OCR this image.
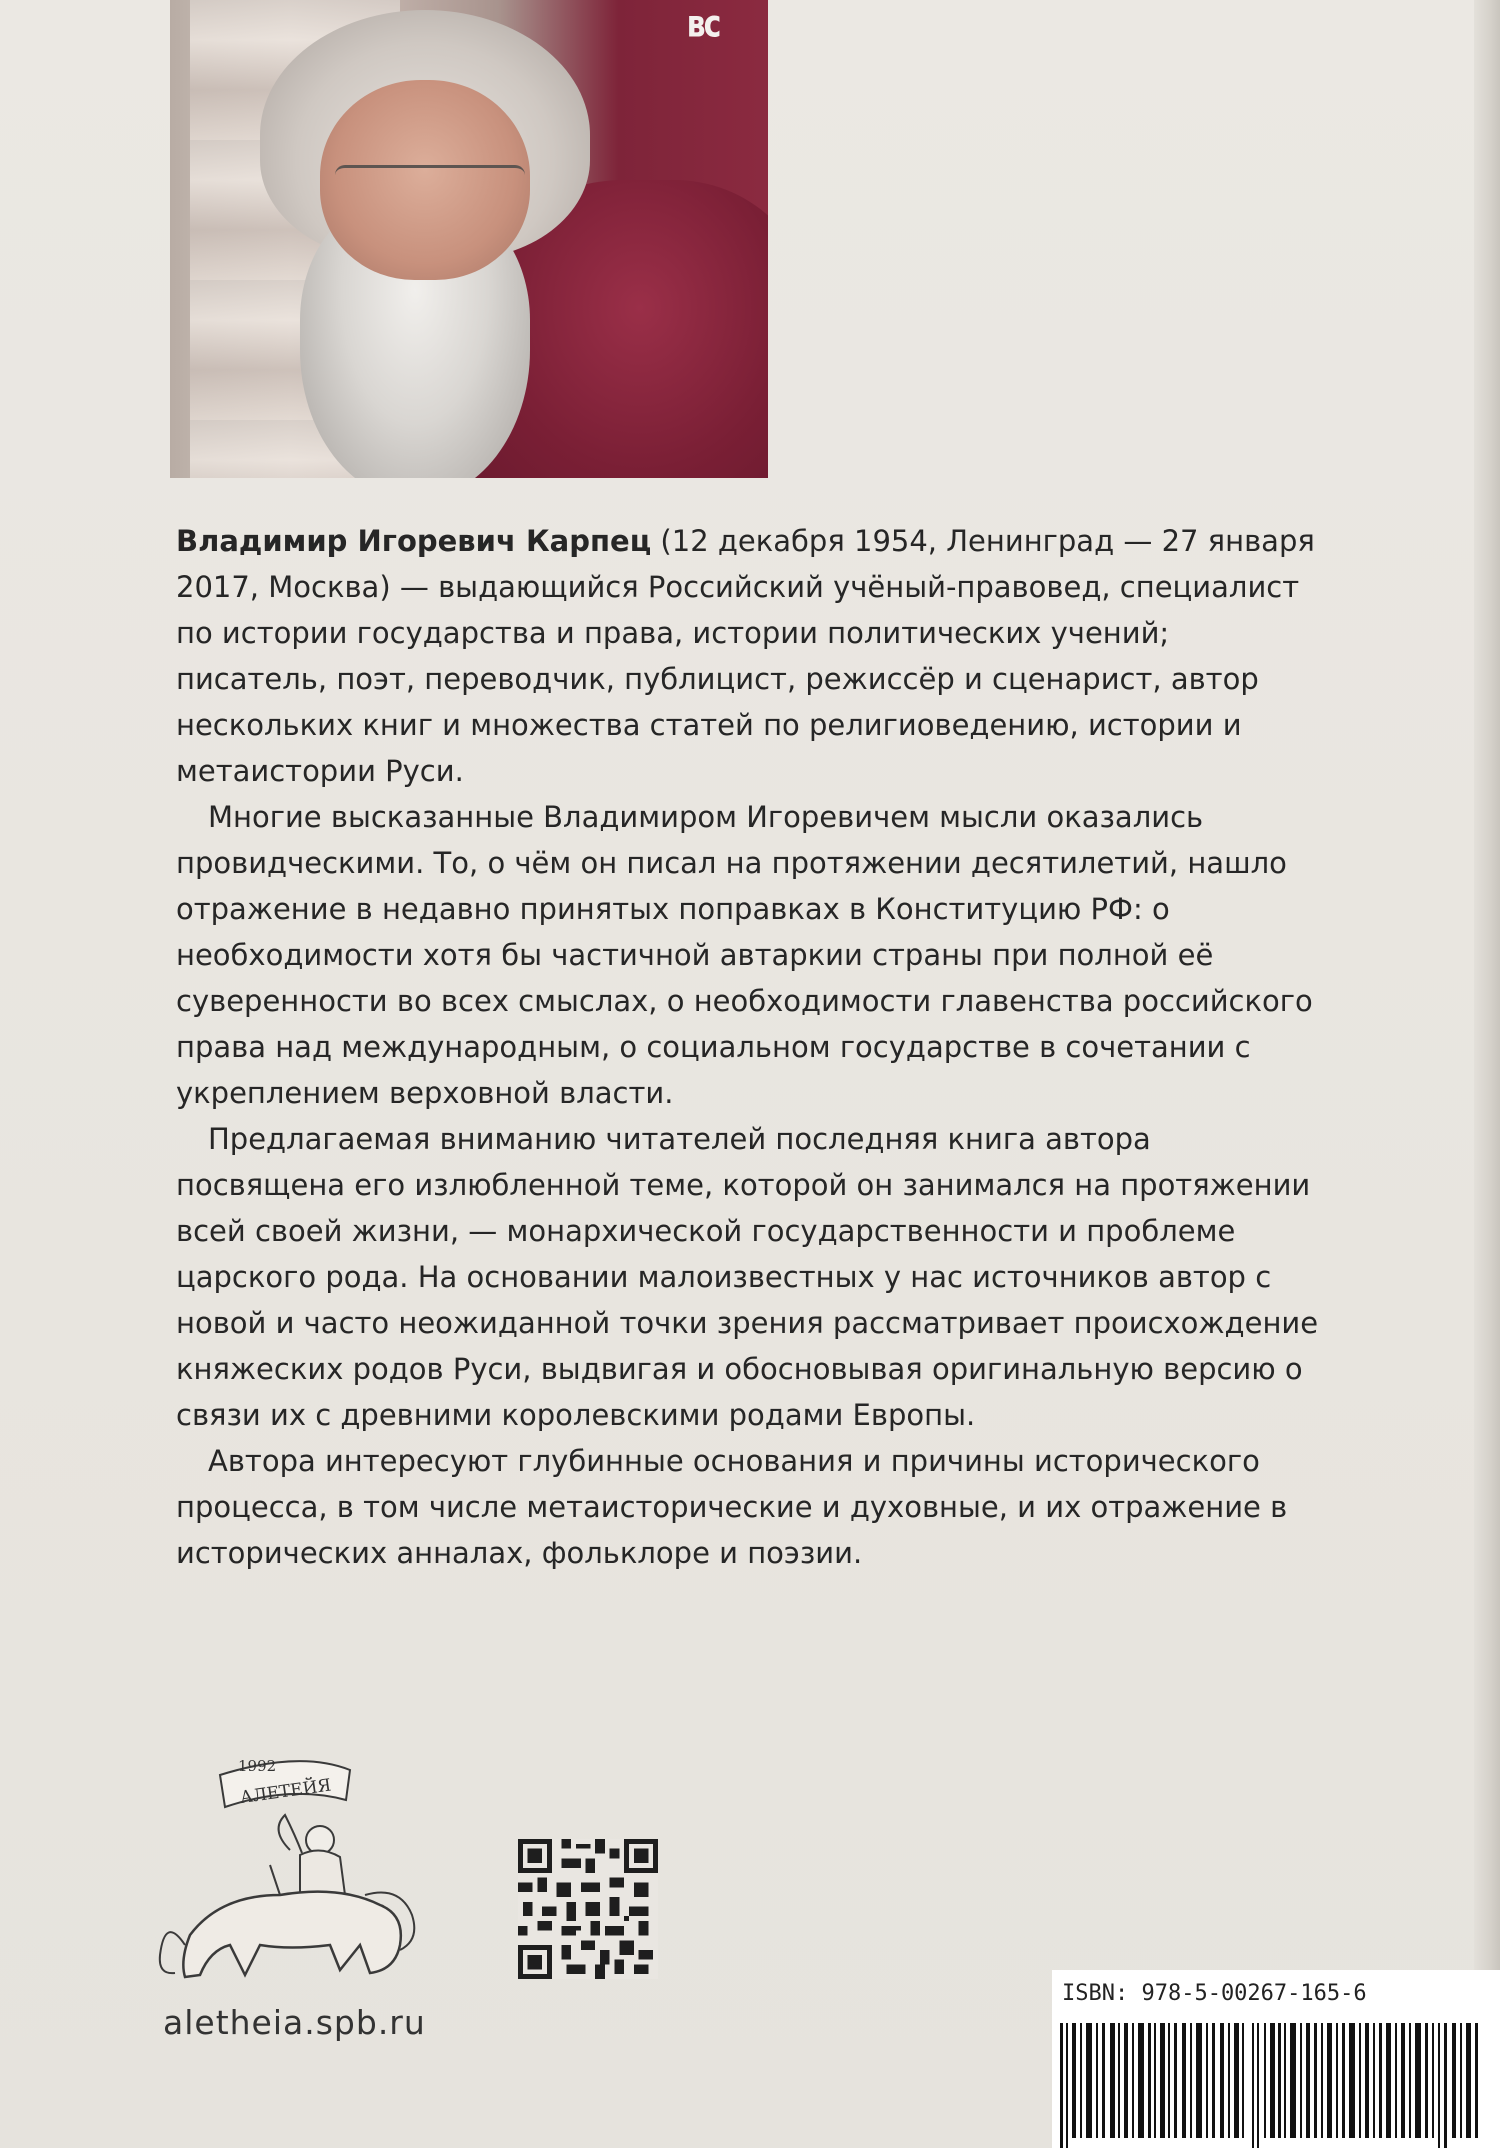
вс

Владимир Игоревич Карпец (12 декабря 1954, Ленинград — 27 января 2017, Москва) — выдающийся Российский учёный-правовед, специалист по истории государства и права, истории политических учений; писатель, поэт, переводчик, публицист, режиссёр и сценарист, автор нескольких книг и множества статей по религиоведению, истории и метаистории Руси.

Многие высказанные Владимиром Игоревичем мысли оказались провидческими. То, о чём он писал на протяжении десятилетий, нашло отражение в недавно принятых поправках в Конституцию РФ: о необходимости хотя бы частичной автаркии страны при полной её суверенности во всех смыслах, о необходимости главенства российского права над международным, о социальном государстве в сочетании с укреплением верховной власти.

Предлагаемая вниманию читателей последняя книга автора посвящена его излюбленной теме, которой он занимался на протяжении всей своей жизни, — монархической государственности и проблеме царского рода. На основании малоизвестных у нас источников автор с новой и часто неожиданной точки зрения рассматривает происхождение княжеских родов Руси, выдвигая и обосновывая оригинальную версию о связи их с древними королевскими родами Европы.

Автора интересуют глубинные основания и причины исторического процесса, в том числе метаисторические и духовные, и их отражение в исторических анналах, фольклоре и поэзии.

1992
АЛЕТЕЙЯ
aletheia.spb.ru
ISBN: 978-5-00267-165-6
